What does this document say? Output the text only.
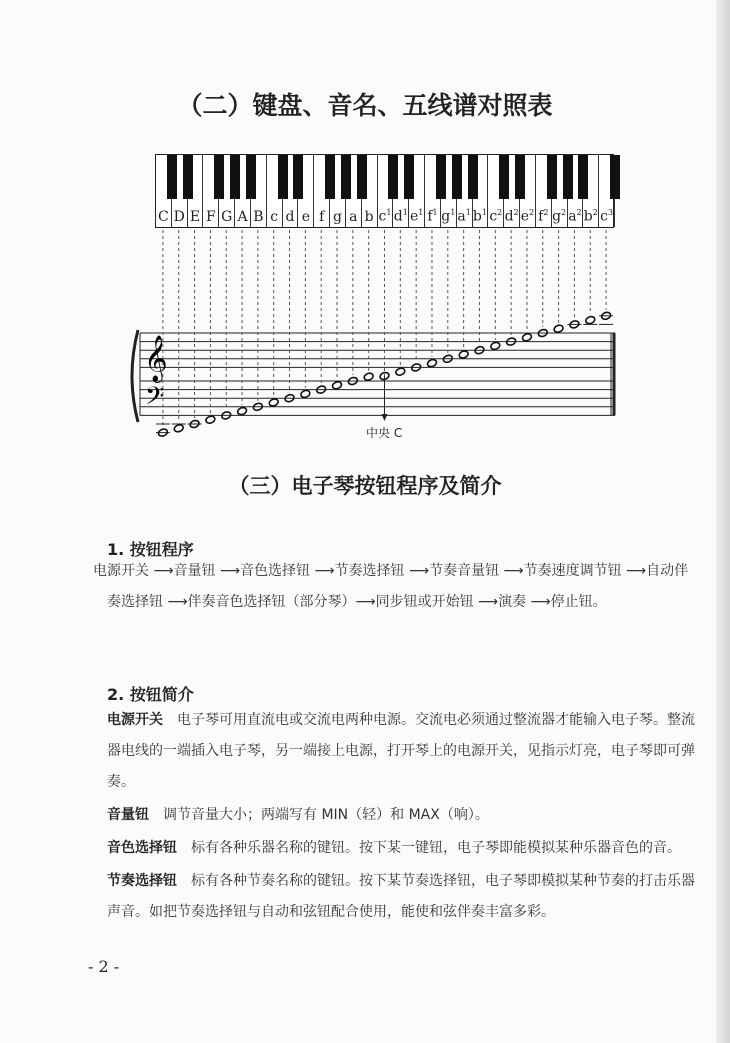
（二）键盘、音名、五线谱对照表
C D E F G A B c d e f g a b $c^1$ $d^1$ $e^1$ $f^1$ $g^1$ $a^1$ $b^1$ $c^2$ $d^2$ $e^2$ $f^2$ $g^2$ $a^2$ $b^2$ $c^3$
𝄞
𝄢
中央 C
（三）电子琴按钮程序及简介
1. 按钮程序
电源开关 ⟶音量钮 ⟶音色选择钮 ⟶节奏选择钮 ⟶节奏音量钮 ⟶节奏速度调节钮 ⟶自动伴奏选择钮 ⟶伴奏音色选择钮（部分琴）⟶同步钮或开始钮 ⟶演奏 ⟶停止钮。
2. 按钮简介
电源开关　电子琴可用直流电或交流电两种电源。交流电必须通过整流器才能输入电子琴。整流器电线的一端插入电子琴，另一端接上电源，打开琴上的电源开关，见指示灯亮，电子琴即可弹奏。
音量钮　调节音量大小；两端写有 MIN（轻）和 MAX（响）。
音色选择钮　标有各种乐器名称的键钮。按下某一键钮，电子琴即能模拟某种乐器音色的音。
节奏选择钮　标有各种节奏名称的键钮。按下某节奏选择钮，电子琴即模拟某种节奏的打击乐器声音。如把节奏选择钮与自动和弦钮配合使用，能使和弦伴奏丰富多彩。
- 2 -
